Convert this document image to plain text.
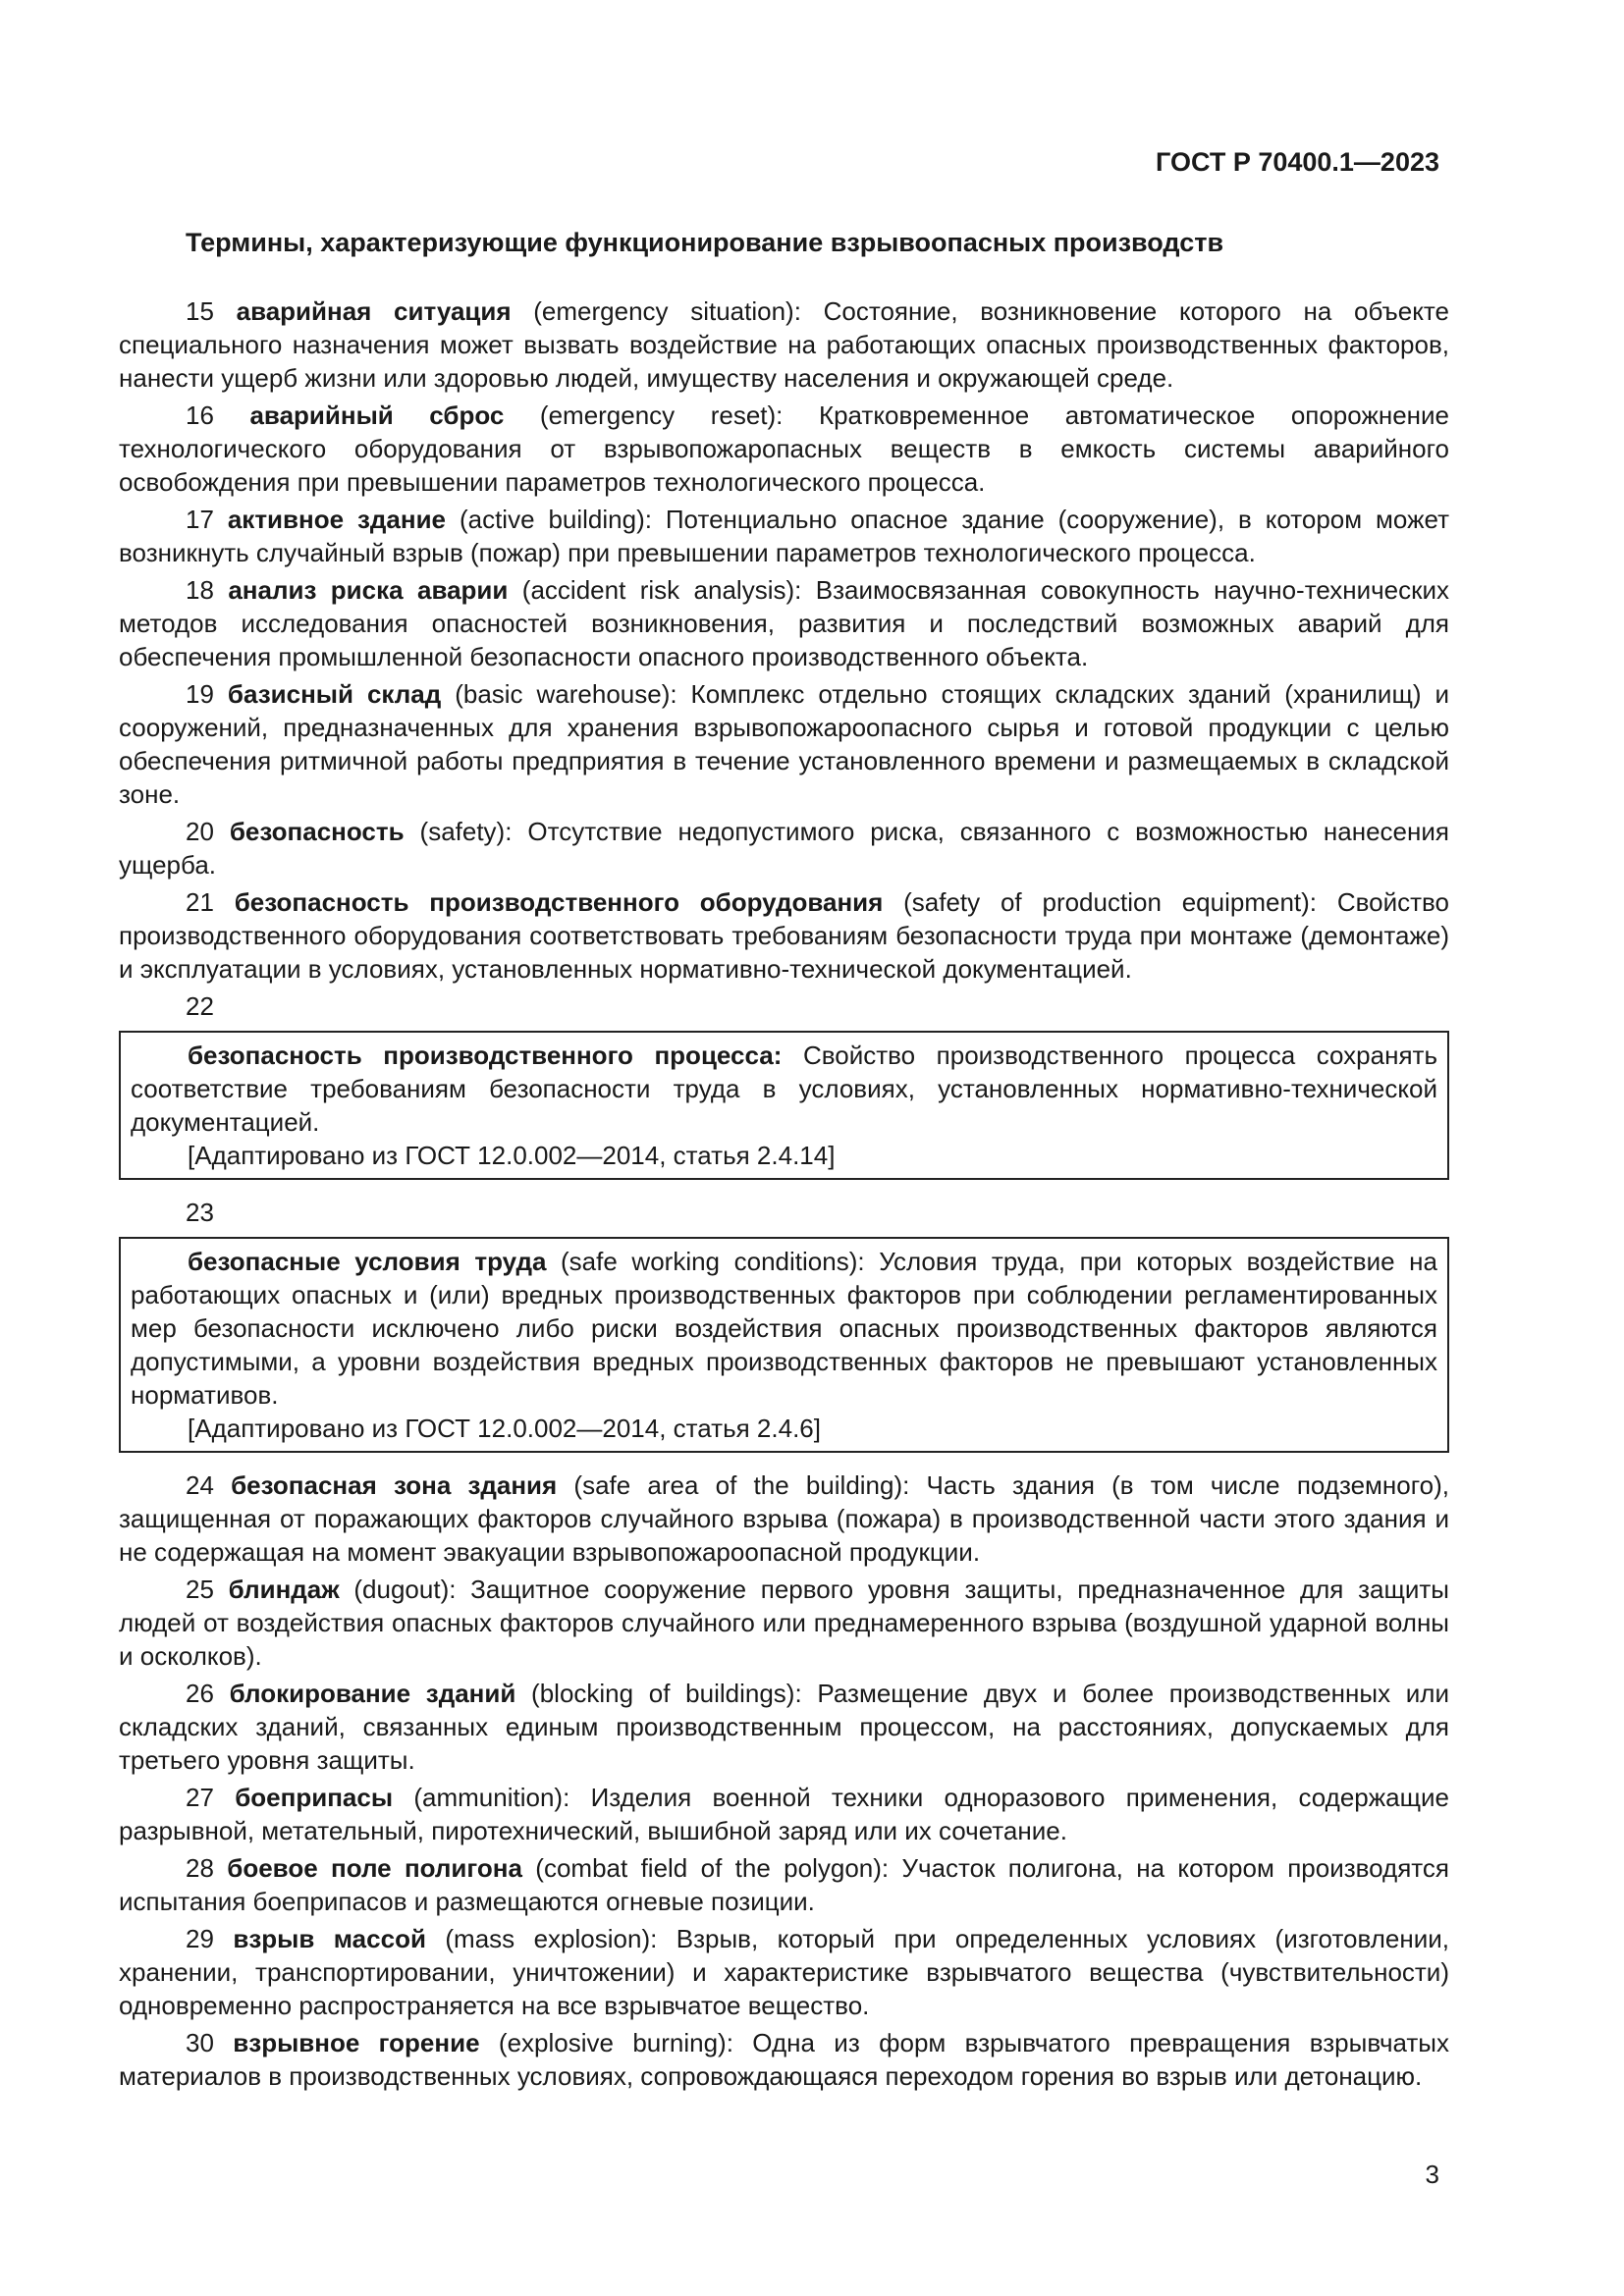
ГОСТ Р 70400.1—2023
Термины, характеризующие функционирование взрывоопасных производств

15 аварийная ситуация (emergency situation): Состояние, возникновение которого на объекте специального назначения может вызвать воздействие на работающих опасных производственных факторов, нанести ущерб жизни или здоровью людей, имуществу населения и окружающей среде.

16 аварийный сброс (emergency reset): Кратковременное автоматическое опорожнение технологического оборудования от взрывопожаропасных веществ в емкость системы аварийного освобождения при превышении параметров технологического процесса.

17 активное здание (active building): Потенциально опасное здание (сооружение), в котором может возникнуть случайный взрыв (пожар) при превышении параметров технологического процесса.

18 анализ риска аварии (accident risk analysis): Взаимосвязанная совокупность научно-технических методов исследования опасностей возникновения, развития и последствий возможных аварий для обеспечения промышленной безопасности опасного производственного объекта.

19 базисный склад (basic warehouse): Комплекс отдельно стоящих складских зданий (хранилищ) и сооружений, предназначенных для хранения взрывопожароопасного сырья и готовой продукции с целью обеспечения ритмичной работы предприятия в течение установленного времени и размещаемых в складской зоне.

20 безопасность (safety): Отсутствие недопустимого риска, связанного с возможностью нанесения ущерба.

21 безопасность производственного оборудования (safety of production equipment): Свойство производственного оборудования соответствовать требованиям безопасности труда при монтаже (демонтаже) и эксплуатации в условиях, установленных нормативно-технической документацией.

22

безопасность производственного процесса: Свойство производственного процесса сохранять соответствие требованиям безопасности труда в условиях, установленных нормативно-технической документацией.

[Адаптировано из ГОСТ 12.0.002—2014, статья 2.4.14]

23

безопасные условия труда (safe working conditions): Условия труда, при которых воздействие на работающих опасных и (или) вредных производственных факторов при соблюдении регламентированных мер безопасности исключено либо риски воздействия опасных производственных факторов являются допустимыми, а уровни воздействия вредных производственных факторов не превышают установленных нормативов.

[Адаптировано из ГОСТ 12.0.002—2014, статья 2.4.6]

24 безопасная зона здания (safe area of the building): Часть здания (в том числе подземного), защищенная от поражающих факторов случайного взрыва (пожара) в производственной части этого здания и не содержащая на момент эвакуации взрывопожароопасной продукции.

25 блиндаж (dugout): Защитное сооружение первого уровня защиты, предназначенное для защиты людей от воздействия опасных факторов случайного или преднамеренного взрыва (воздушной ударной волны и осколков).

26 блокирование зданий (blocking of buildings): Размещение двух и более производственных или складских зданий, связанных единым производственным процессом, на расстояниях, допускаемых для третьего уровня защиты.

27 боеприпасы (ammunition): Изделия военной техники одноразового применения, содержащие разрывной, метательный, пиротехнический, вышибной заряд или их сочетание.

28 боевое поле полигона (combat field of the polygon): Участок полигона, на котором производятся испытания боеприпасов и размещаются огневые позиции.

29 взрыв массой (mass explosion): Взрыв, который при определенных условиях (изготовлении, хранении, транспортировании, уничтожении) и характеристике взрывчатого вещества (чувствительности) одновременно распространяется на все взрывчатое вещество.

30 взрывное горение (explosive burning): Одна из форм взрывчатого превращения взрывчатых материалов в производственных условиях, сопровождающаяся переходом горения во взрыв или детонацию.

3
